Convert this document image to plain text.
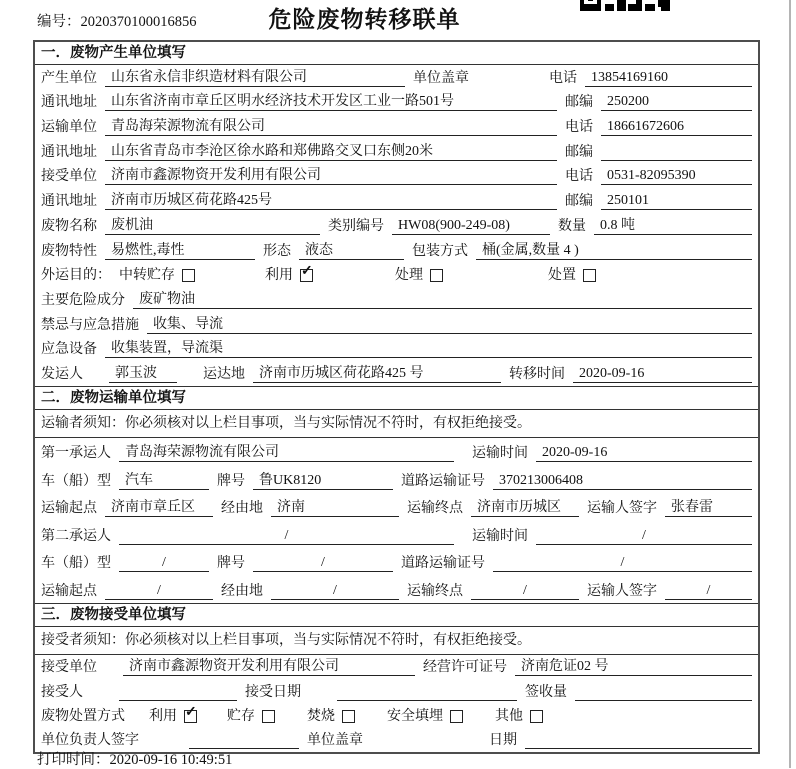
编号：2020370100016856	危险废物转移联单
一．废物产生单位填写
产生单位	山东省永信非织造材料有限公司	单位盖章	电话	13854169160
通讯地址	山东省济南市章丘区明水经济技术开发区工业一路501号	邮编	250200
运输单位	青岛海荣源物流有限公司	电话	18661672606
通讯地址	山东省青岛市李沧区徐水路和郑佛路交叉口东侧20米	邮编
接受单位	济南市鑫源物资开发利用有限公司	电话	0531-82095390
通讯地址	济南市历城区荷花路425号	邮编	250101
废物名称	废机油	类别编号	HW08(900-249-08)	数量	0.8 吨
废物特性	易燃性,毒性	形态	液态	包装方式	桶(金属,数量 4 )
外运目的： 中转贮存	利用 ✓	处理	处置
主要危险成分	废矿物油
禁忌与应急措施	收集、导流
应急设备	收集装置，导流渠
发运人	郭玉波	运达地	济南市历城区荷花路425 号	转移时间	2020-09-16
二．废物运输单位填写
运输者须知：你必须核对以上栏目事项，当与实际情况不符时，有权拒绝接受。
第一承运人	青岛海荣源物流有限公司	运输时间	2020-09-16
车（船）型	汽车	牌号	鲁UK8120	道路运输证号	370213006408
运输起点	济南市章丘区 经由地	济南	运输终点	济南市历城区 运输人签字	张春雷
第二承运人	/	运输时间	/
车（船）型	/	牌号	/	道路运输证号	/
运输起点	/	经由地	/	运输终点	/	运输人签字	/
三．废物接受单位填写
接受者须知：你必须核对以上栏目事项，当与实际情况不符时，有权拒绝接受。
接受单位	济南市鑫源物资开发利用有限公司	经营许可证号	济南危证02 号
接受人	接受日期	签收量
废物处置方式 利用 ✓ 贮存	焚烧	安全填埋	其他
单位负责人签字	单位盖章	日期
打印时间：2020-09-16 10:49:51
